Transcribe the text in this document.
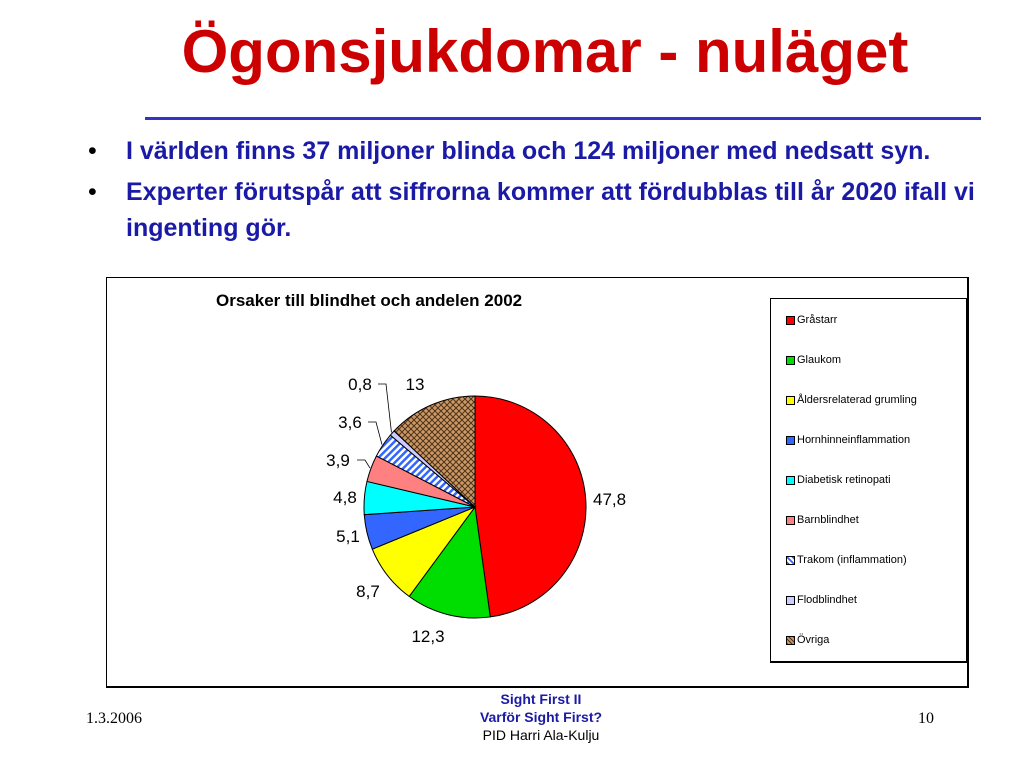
Ögonsjukdomar - nuläget
• I världen finns 37 miljoner blinda och 124 miljoner med nedsatt syn.
• Experter förutspår att siffrorna kommer att fördubblas till år 2020 ifall vi ingenting gör.
Orsaker till blindhet och andelen 2002
47,8
12,3
8,7
5,1
4,8
3,9
3,6
0,8 13
Gråstarr
Glaukom
Åldersrelaterad grumling
Hornhinneinflammation
Diabetisk retinopati
Barnblindhet
Trakom (inflammation)
Flodblindhet
Övriga
1.3.2006
Sight First II
Varför Sight First?
PID Harri Ala-Kulju
10
